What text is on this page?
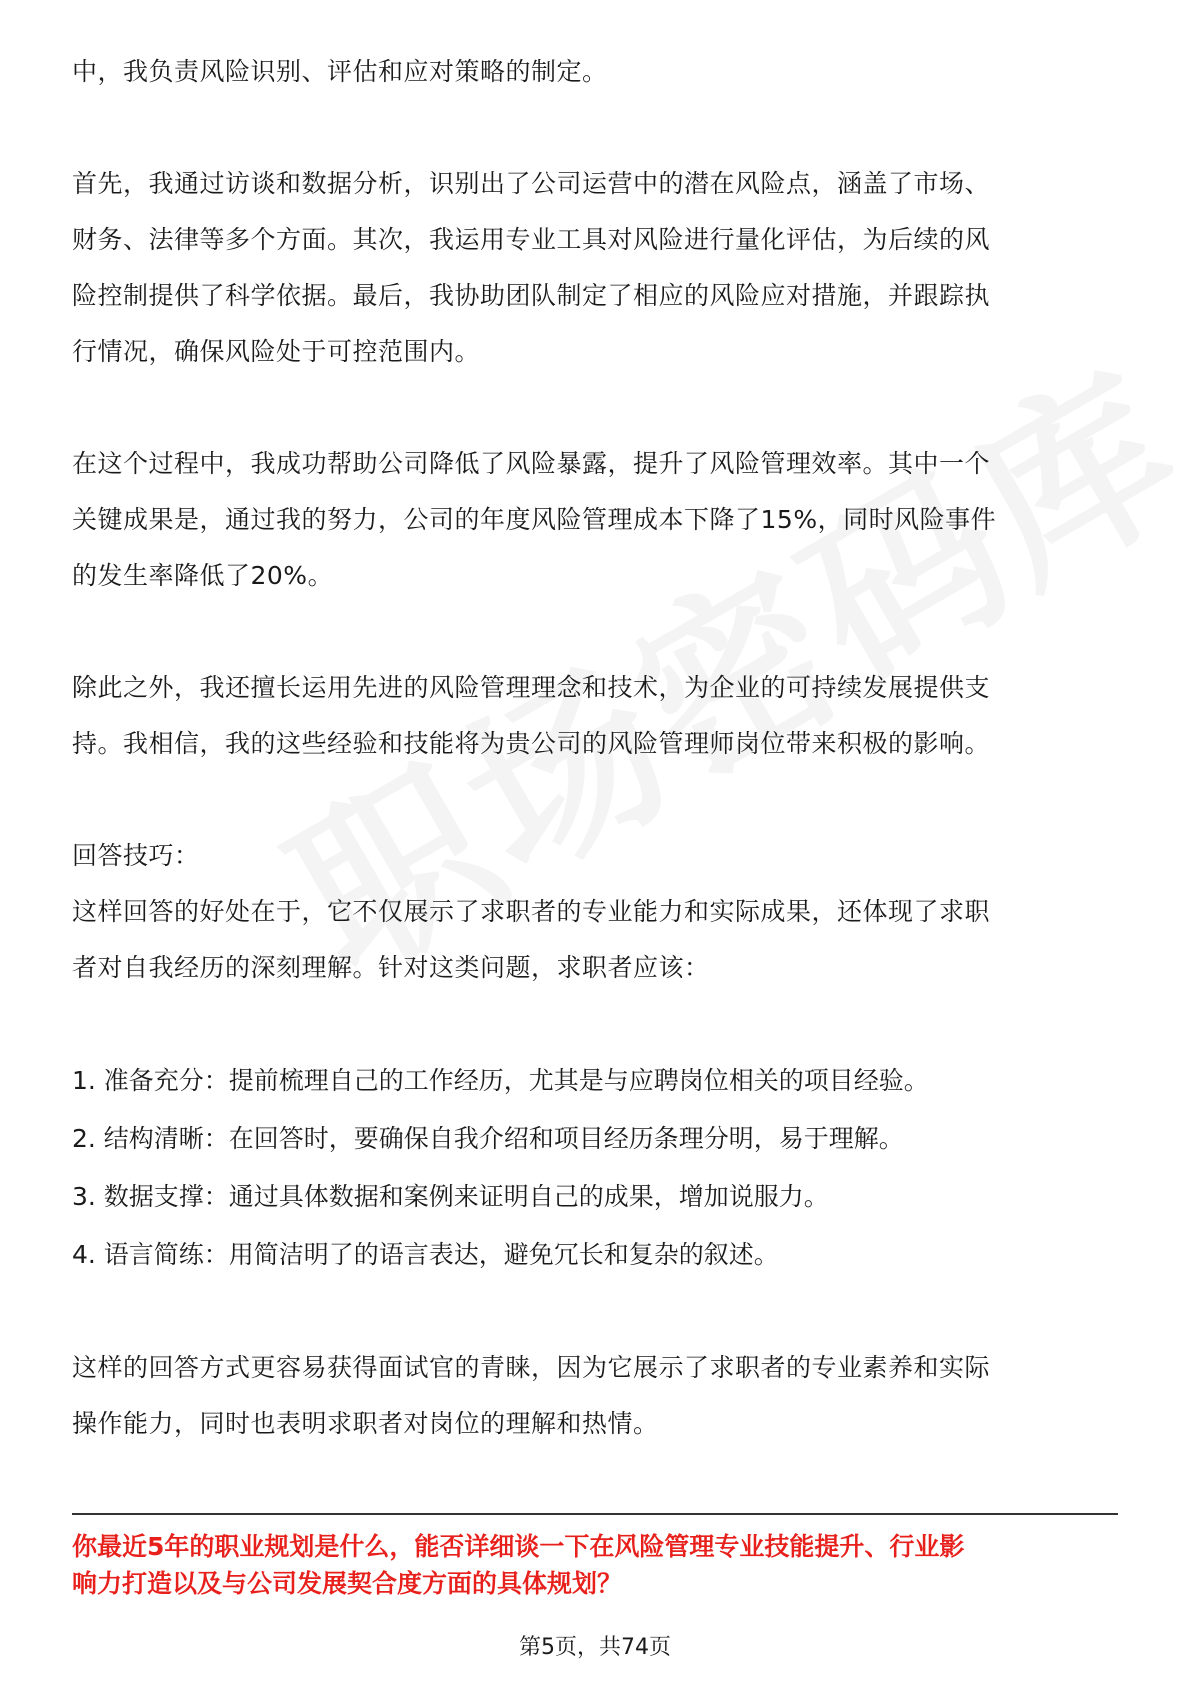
中，我负责风险识别、评估和应对策略的制定。

首先，我通过访谈和数据分析，识别出了公司运营中的潜在风险点，涵盖了市场、

财务、法律等多个方面。其次，我运用专业工具对风险进行量化评估，为后续的风

险控制提供了科学依据。最后，我协助团队制定了相应的风险应对措施，并跟踪执

行情况，确保风险处于可控范围内。

在这个过程中，我成功帮助公司降低了风险暴露，提升了风险管理效率。其中一个

关键成果是，通过我的努力，公司的年度风险管理成本下降了15%，同时风险事件

的发生率降低了20%。

除此之外，我还擅长运用先进的风险管理理念和技术，为企业的可持续发展提供支

持。我相信，我的这些经验和技能将为贵公司的风险管理师岗位带来积极的影响。

回答技巧：

这样回答的好处在于，它不仅展示了求职者的专业能力和实际成果，还体现了求职

者对自我经历的深刻理解。针对这类问题，求职者应该：

1. 准备充分：提前梳理自己的工作经历，尤其是与应聘岗位相关的项目经验。

2. 结构清晰：在回答时，要确保自我介绍和项目经历条理分明，易于理解。

3. 数据支撑：通过具体数据和案例来证明自己的成果，增加说服力。

4. 语言简练：用简洁明了的语言表达，避免冗长和复杂的叙述。

这样的回答方式更容易获得面试官的青睐，因为它展示了求职者的专业素养和实际

操作能力，同时也表明求职者对岗位的理解和热情。

你最近5年的职业规划是什么，能否详细谈一下在风险管理专业技能提升、行业影
响力打造以及与公司发展契合度方面的具体规划？
第5页，共74页
